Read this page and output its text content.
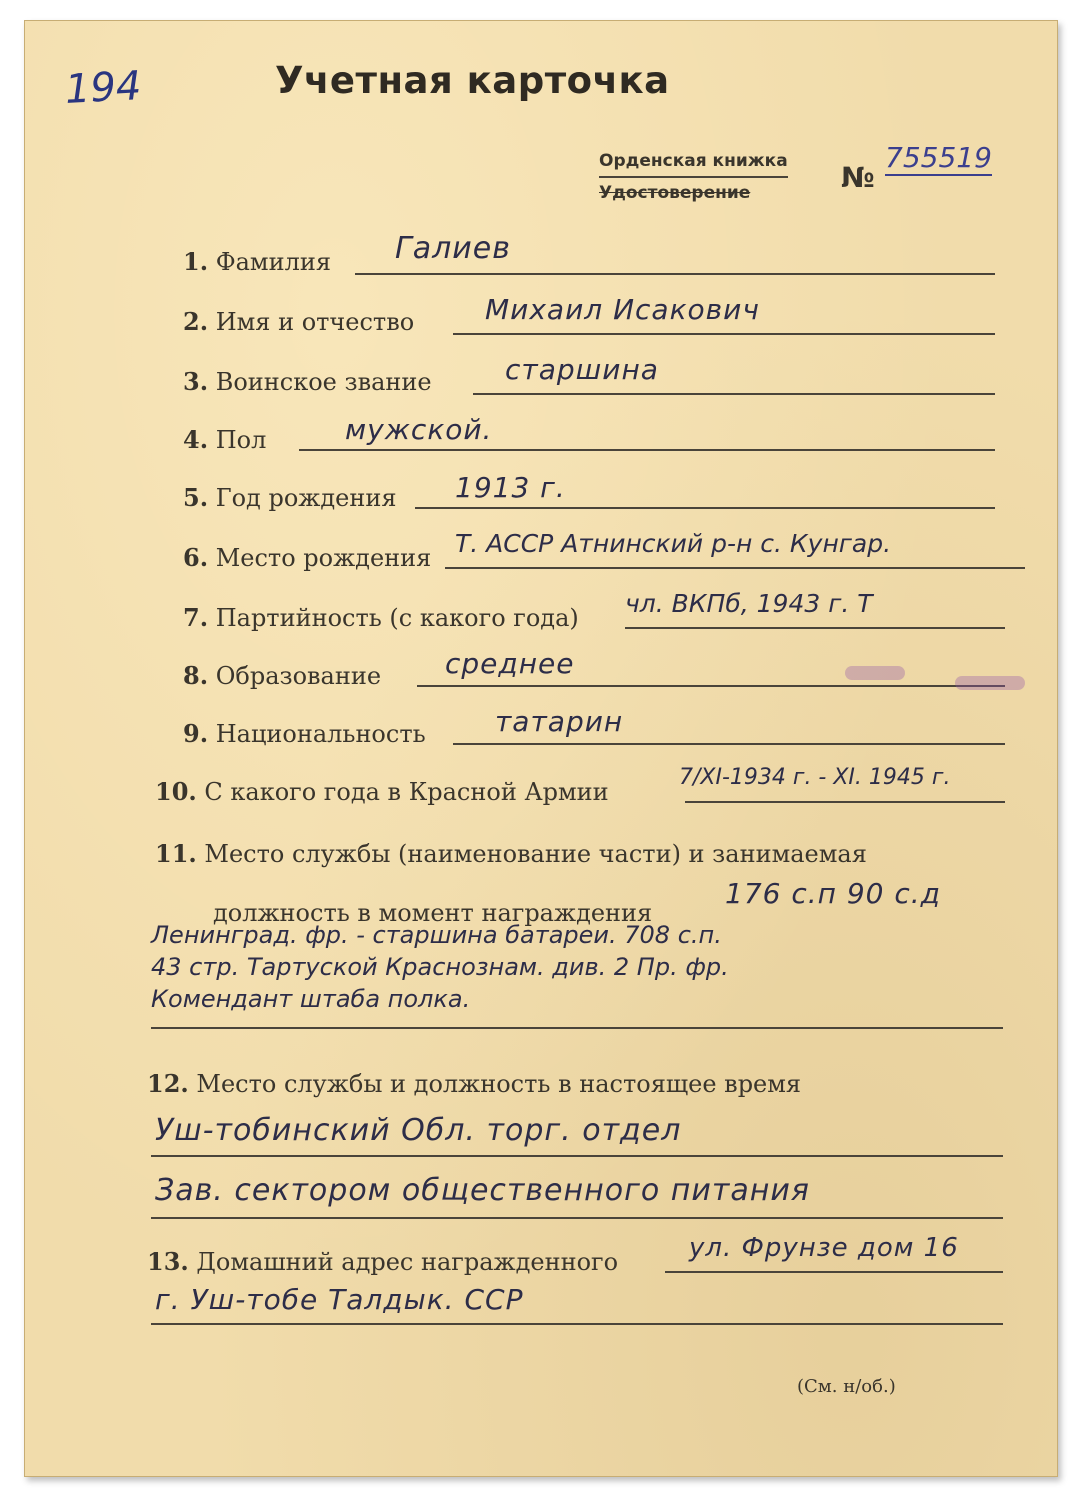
194	Учетная карточка
Орденская книжка
Удостоверение	№
755519
1. Фамилия Галиев
2. Имя и отчество	Михаил Исакович
3. Воинское звание	старшина
4. Пол	мужской.
5. Год рождения 1913 г.
6. Место рождения Т. АССР Атнинский р-н с. Кунгар.
7. Партийность (с какого года) чл. ВКПб, 1943 г. Т
8. Образование среднее
9. Национальность татарин
10. С какого года в Красной Армии
7/XI-1934 г. - XI. 1945 г.
11. Место службы (наименование части) и занимаемая
должность в момент награждения
176 с.п 90 с.д
Ленинград. фр. - старшина батареи. 708 с.п.
43 стр. Тартуской Краснознам. див. 2 Пр. фр.
Комендант штаба полка.
12. Место службы и должность в настоящее время
Уш-тобинский Обл. торг. отдел
Зав. сектором общественного питания
13. Домашний адрес награжденного	ул. Фрунзе дом 16
г. Уш-тобе Талдык. ССР
(См. н/об.)
